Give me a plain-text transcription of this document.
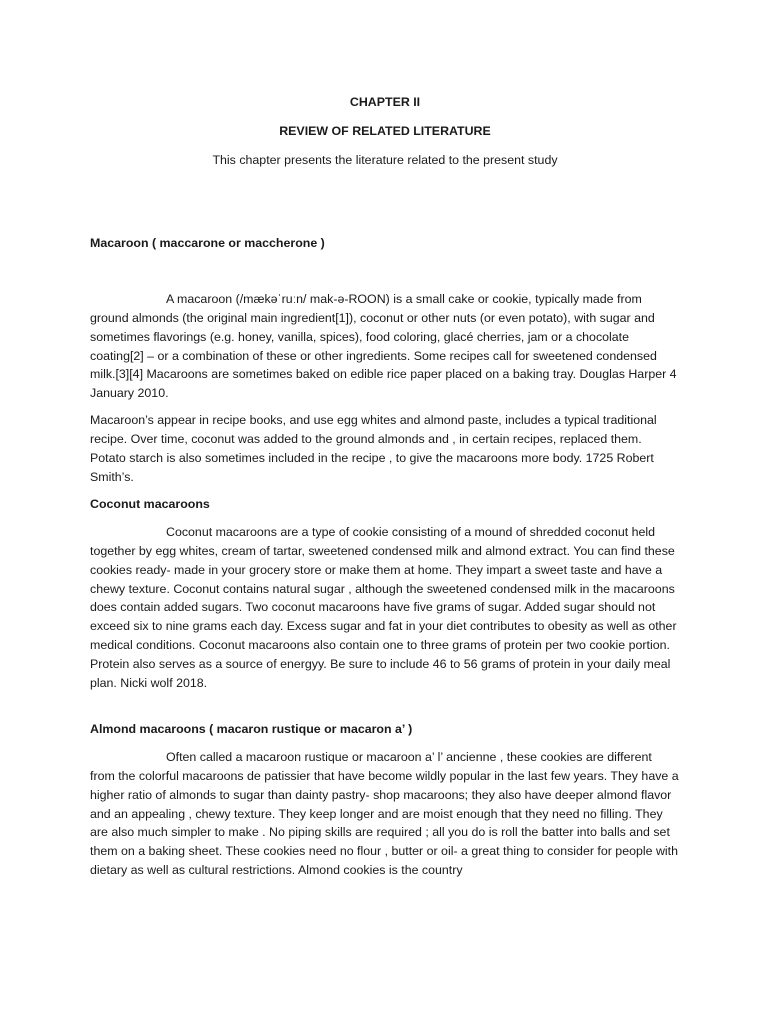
CHAPTER II

REVIEW OF RELATED LITERATURE

This chapter presents the literature related to the present study

Macaroon ( maccarone or maccherone )

A macaroon (/mækəˈruːn/ mak-ə-ROON) is a small cake or cookie, typically made from ground almonds (the original main ingredient[1]), coconut or other nuts (or even potato), with sugar and sometimes flavorings (e.g. honey, vanilla, spices), food coloring, glacé cherries, jam or a chocolate coating[2] – or a combination of these or other ingredients. Some recipes call for sweetened condensed milk.[3][4] Macaroons are sometimes baked on edible rice paper placed on a baking tray. Douglas Harper 4 January 2010.

Macaroon’s appear in recipe books, and use egg whites and almond paste, includes a typical traditional recipe. Over time, coconut was added to the ground almonds and , in certain recipes, replaced them. Potato starch is also sometimes included in the recipe , to give the macaroons more body. 1725 Robert Smith’s.

Coconut macaroons

Coconut macaroons are a type of cookie consisting of a mound of shredded coconut held together by egg whites, cream of tartar, sweetened condensed milk and almond extract. You can find these cookies ready- made in your grocery store or make them at home. They impart a sweet taste and have a chewy texture. Coconut contains natural sugar , although the sweetened condensed milk in the macaroons does contain added sugars. Two coconut macaroons have five grams of sugar. Added sugar should not exceed six to nine grams each day. Excess sugar and fat in your diet contributes to obesity as well as other medical conditions. Coconut macaroons also contain one to three grams of protein per two cookie portion. Protein also serves as a source of energyy. Be sure to include 46 to 56 grams of protein in your daily meal plan. Nicki wolf 2018.

Almond macaroons ( macaron rustique or macaron a’ )

Often called a macaroon rustique or macaroon a’ l’ ancienne , these cookies are different from the colorful macaroons de patissier that have become wildly popular in the last few years. They have a higher ratio of almonds to sugar than dainty pastry- shop macaroons; they also have deeper almond flavor and an appealing , chewy texture. They keep longer and are moist enough that they need no filling. They are also much simpler to make . No piping skills are required ; all you do is roll the batter into balls and set them on a baking sheet. These cookies need no flour , butter or oil- a great thing to consider for people with dietary as well as cultural restrictions. Almond cookies is the country
